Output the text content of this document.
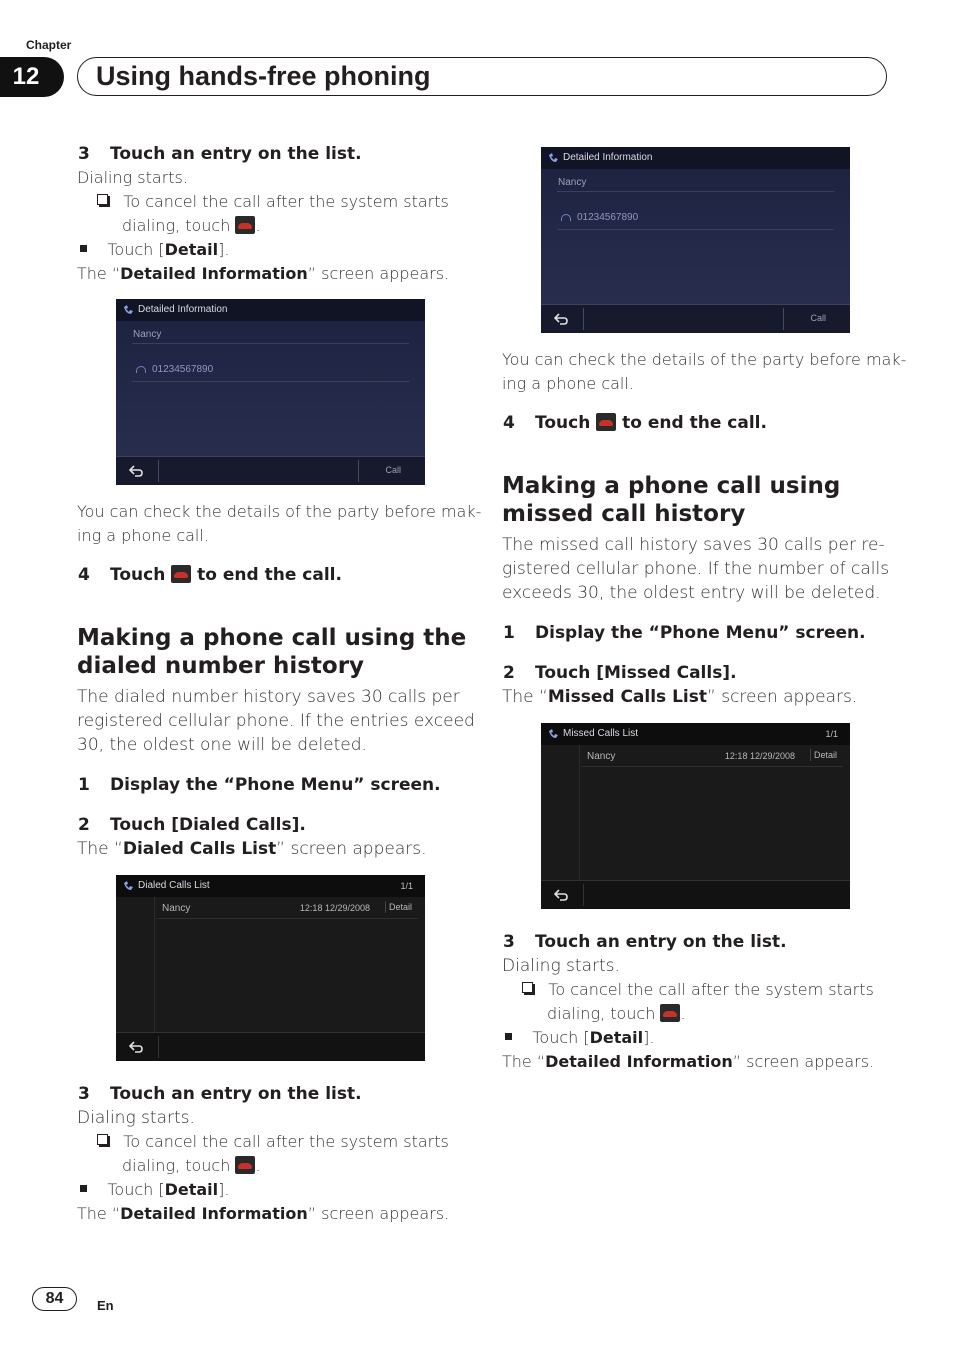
Chapter
12	Using hands-free phoning
3 Touch an entry on the list.
Dialing starts.
To cancel the call after the system starts
dialing, touch .
Touch [Detail].
The “Detailed Information” screen appears.
Detailed Information
Nancy
01234567890
Call
You can check the details of the party before mak-
ing a phone call.
4 Touch to end the call.
Making a phone call using the
dialed number history
The dialed number history saves 30 calls per
registered cellular phone. If the entries exceed
30, the oldest one will be deleted.
1 Display the “Phone Menu” screen.
2 Touch [Dialed Calls].
The “Dialed Calls List” screen appears.
Dialed Calls List	1/1
Nancy	12:18 12/29/2008	Detail
3 Touch an entry on the list.
Dialing starts.
To cancel the call after the system starts
dialing, touch .
Touch [Detail].
The “Detailed Information” screen appears.
Detailed Information
Nancy
01234567890
Call
You can check the details of the party before mak-
ing a phone call.
4 Touch to end the call.
Making a phone call using
missed call history
The missed call history saves 30 calls per re-
gistered cellular phone. If the number of calls
exceeds 30, the oldest entry will be deleted.
1 Display the “Phone Menu” screen.
2 Touch [Missed Calls].
The “Missed Calls List” screen appears.
Missed Calls List	1/1
Nancy	12:18 12/29/2008	Detail
3 Touch an entry on the list.
Dialing starts.
To cancel the call after the system starts
dialing, touch .
Touch [Detail].
The “Detailed Information” screen appears.
84	En
